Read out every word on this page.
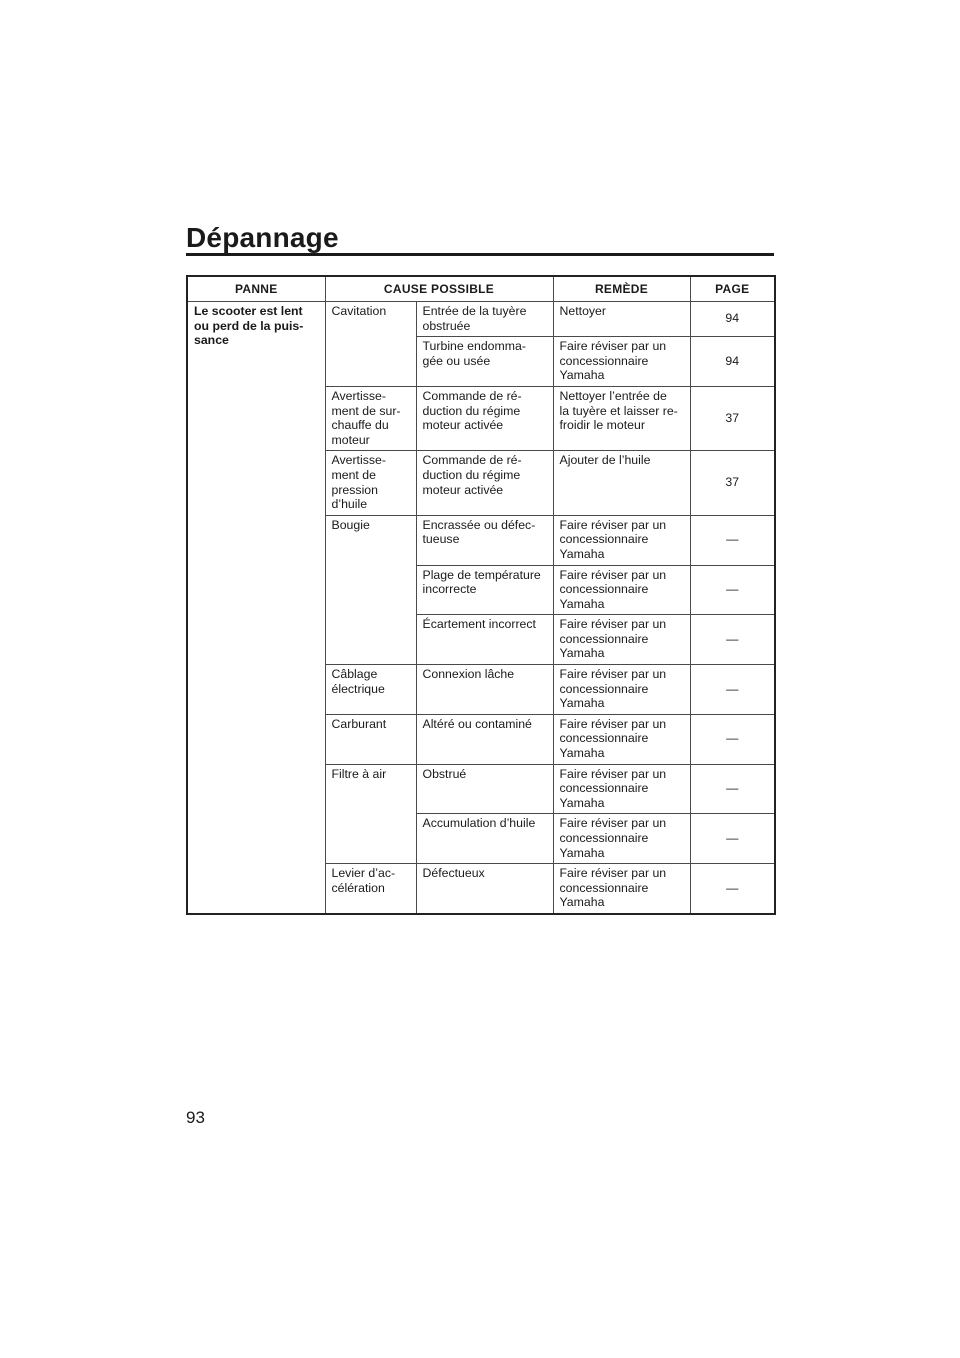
Dépannage
PANNE	CAUSE POSSIBLE		REMÈDE	PAGE
Le scooter est lent
ou perd de la puis-
sance	Cavitation	Entrée de la tuyère
obstruée	Nettoyer	94
		Turbine endomma-
gée ou usée	Faire réviser par un
concessionnaire
Yamaha	94
	Avertisse-
ment de sur-
chauffe du
moteur	Commande de ré-
duction du régime
moteur activée	Nettoyer l’entrée de
la tuyère et laisser re-
froidir le moteur	37
	Avertisse-
ment de
pression
d’huile	Commande de ré-
duction du régime
moteur activée	Ajouter de l’huile	37
	Bougie	Encrassée ou défec-
tueuse	Faire réviser par un
concessionnaire
Yamaha	—
		Plage de température
incorrecte	Faire réviser par un
concessionnaire
Yamaha	—
		Écartement incorrect	Faire réviser par un
concessionnaire
Yamaha	—
	Câblage
électrique	Connexion lâche	Faire réviser par un
concessionnaire
Yamaha	—
	Carburant	Altéré ou contaminé	Faire réviser par un
concessionnaire
Yamaha	—
	Filtre à air	Obstrué	Faire réviser par un
concessionnaire
Yamaha	—
		Accumulation d’huile	Faire réviser par un
concessionnaire
Yamaha	—
	Levier d’ac-
célération	Défectueux	Faire réviser par un
concessionnaire
Yamaha	—
93
